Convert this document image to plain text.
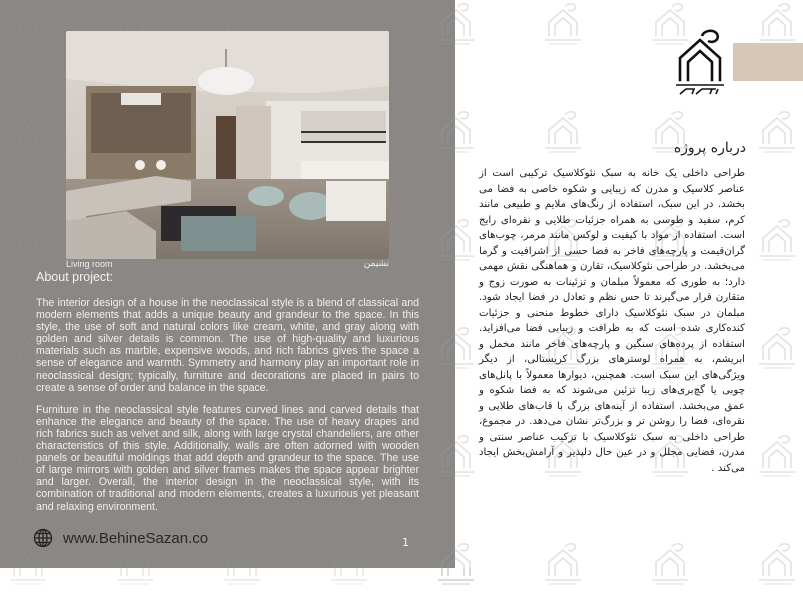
Living room	نشیمن
About project:

The interior design of a house in the neoclassical style is a blend of classical and modern elements that adds a unique beauty and grandeur to the space. In this style, the use of soft and natural colors like cream, white, and gray along with golden and silver details is common. The use of high-quality and luxurious materials such as marble, expensive woods, and rich fabrics gives the space a sense of elegance and warmth. Symmetry and harmony play an important role in neoclassical design; typically, furniture and decorations are placed in pairs to create a sense of order and balance in the space.

Furniture in the neoclassical style features curved lines and carved details that enhance the elegance and beauty of the space. The use of heavy drapes and rich fabrics such as velvet and silk, along with large crystal chandeliers, are other characteristics of this style. Additionally, walls are often adorned with wooden panels or beautiful moldings that add depth and grandeur to the space. The use of large mirrors with golden and silver frames makes the space appear brighter and larger. Overall, the interior design in the neoclassical style, with its combination of traditional and modern elements, creates a luxurious yet pleasant and relaxing environment.

www.BehineSazan.co	1
درباره پروژه

طراحی داخلی یک خانه به سبک نئوکلاسیک ترکیبی است از عناصر کلاسیک و مدرن که زیبایی و شکوه خاصی به فضا می بخشد. در این سبک، استفاده از رنگ‌های ملایم و طبیعی مانند کرم، سفید و طوسی به همراه جزئیات طلایی و نقره‌ای رایج است. استفاده از مواد با کیفیت و لوکس مانند مرمر، چوب‌های گران‌قیمت و پارچه‌های فاخر به فضا حسی از اشرافیت و گرما می‌بخشد. در طراحی نئوکلاسیک، تقارن و هماهنگی نقش مهمی دارد؛ به طوری که معمولاً مبلمان و تزئینات به صورت زوج و متقارن قرار می‌گیرند تا حس نظم و تعادل در فضا ایجاد شود. مبلمان در سبک نئوکلاسیک دارای خطوط منحنی و جزئیات کنده‌کاری شده است که به ظرافت و زیبایی فضا می‌افزاید. استفاده از پرده‌های سنگین و پارچه‌های فاخر مانند مخمل و ابریشم، به همراه لوسترهای بزرگ کریستالی، از دیگر ویژگی‌های این سبک است. همچنین، دیوارها معمولاً با پانل‌های چوبی یا گچ‌بری‌های زیبا تزئین می‌شوند که به فضا شکوه و عمق می‌بخشد. استفاده از آینه‌های بزرگ با قاب‌های طلایی و نقره‌ای، فضا را روشن تر و بزرگ‌تر نشان می‌دهد. در مجموع، طراحی داخلی به سبک نئوکلاسیک با ترکیب عناصر سنتی و مدرن، فضایی مجلل و در عین حال دلپذیر و آرامش‌بخش ایجاد می‌کند .
